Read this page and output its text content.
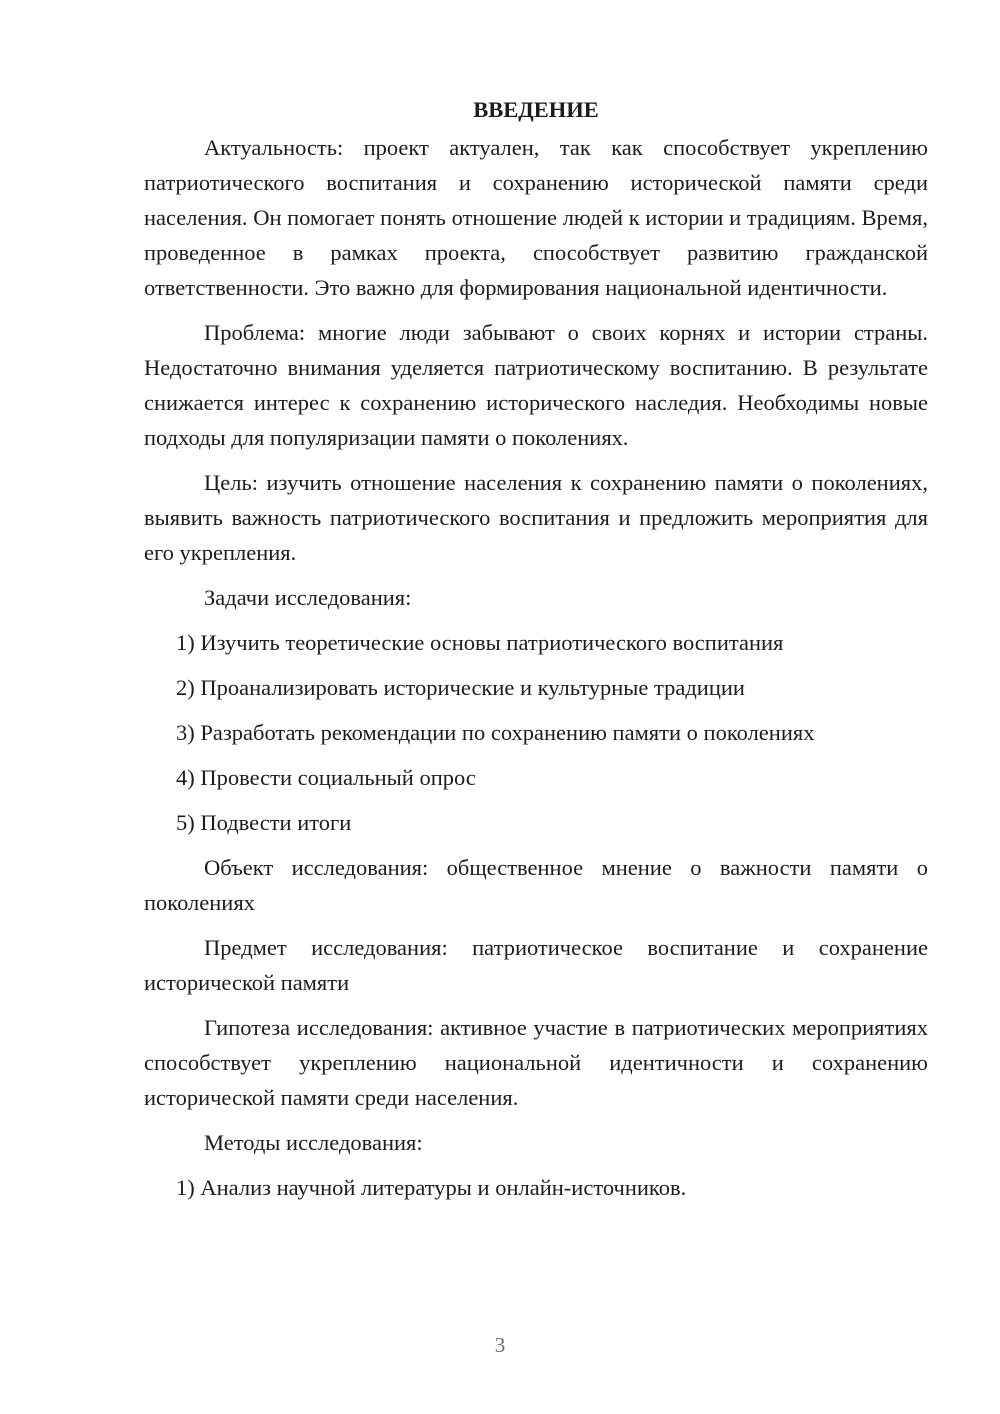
ВВЕДЕНИЕ

Актуальность: проект актуален, так как способствует укреплению патриотического воспитания и сохранению исторической памяти среди населения. Он помогает понять отношение людей к истории и традициям. Время, проведенное в рамках проекта, способствует развитию гражданской ответственности. Это важно для формирования национальной идентичности.

Проблема: многие люди забывают о своих корнях и истории страны. Недостаточно внимания уделяется патриотическому воспитанию. В результате снижается интерес к сохранению исторического наследия. Необходимы новые подходы для популяризации памяти о поколениях.

Цель: изучить отношение населения к сохранению памяти о поколениях, выявить важность патриотического воспитания и предложить мероприятия для его укрепления.

Задачи исследования:

1) Изучить теоретические основы патриотического воспитания
2) Проанализировать исторические и культурные традиции
3) Разработать рекомендации по сохранению памяти о поколениях
4) Провести социальный опрос
5) Подвести итоги

Объект исследования: общественное мнение о важности памяти о поколениях

Предмет исследования: патриотическое воспитание и сохранение исторической памяти

Гипотеза исследования: активное участие в патриотических мероприятиях способствует укреплению национальной идентичности и сохранению исторической памяти среди населения.

Методы исследования:

1) Анализ научной литературы и онлайн-источников.
3
